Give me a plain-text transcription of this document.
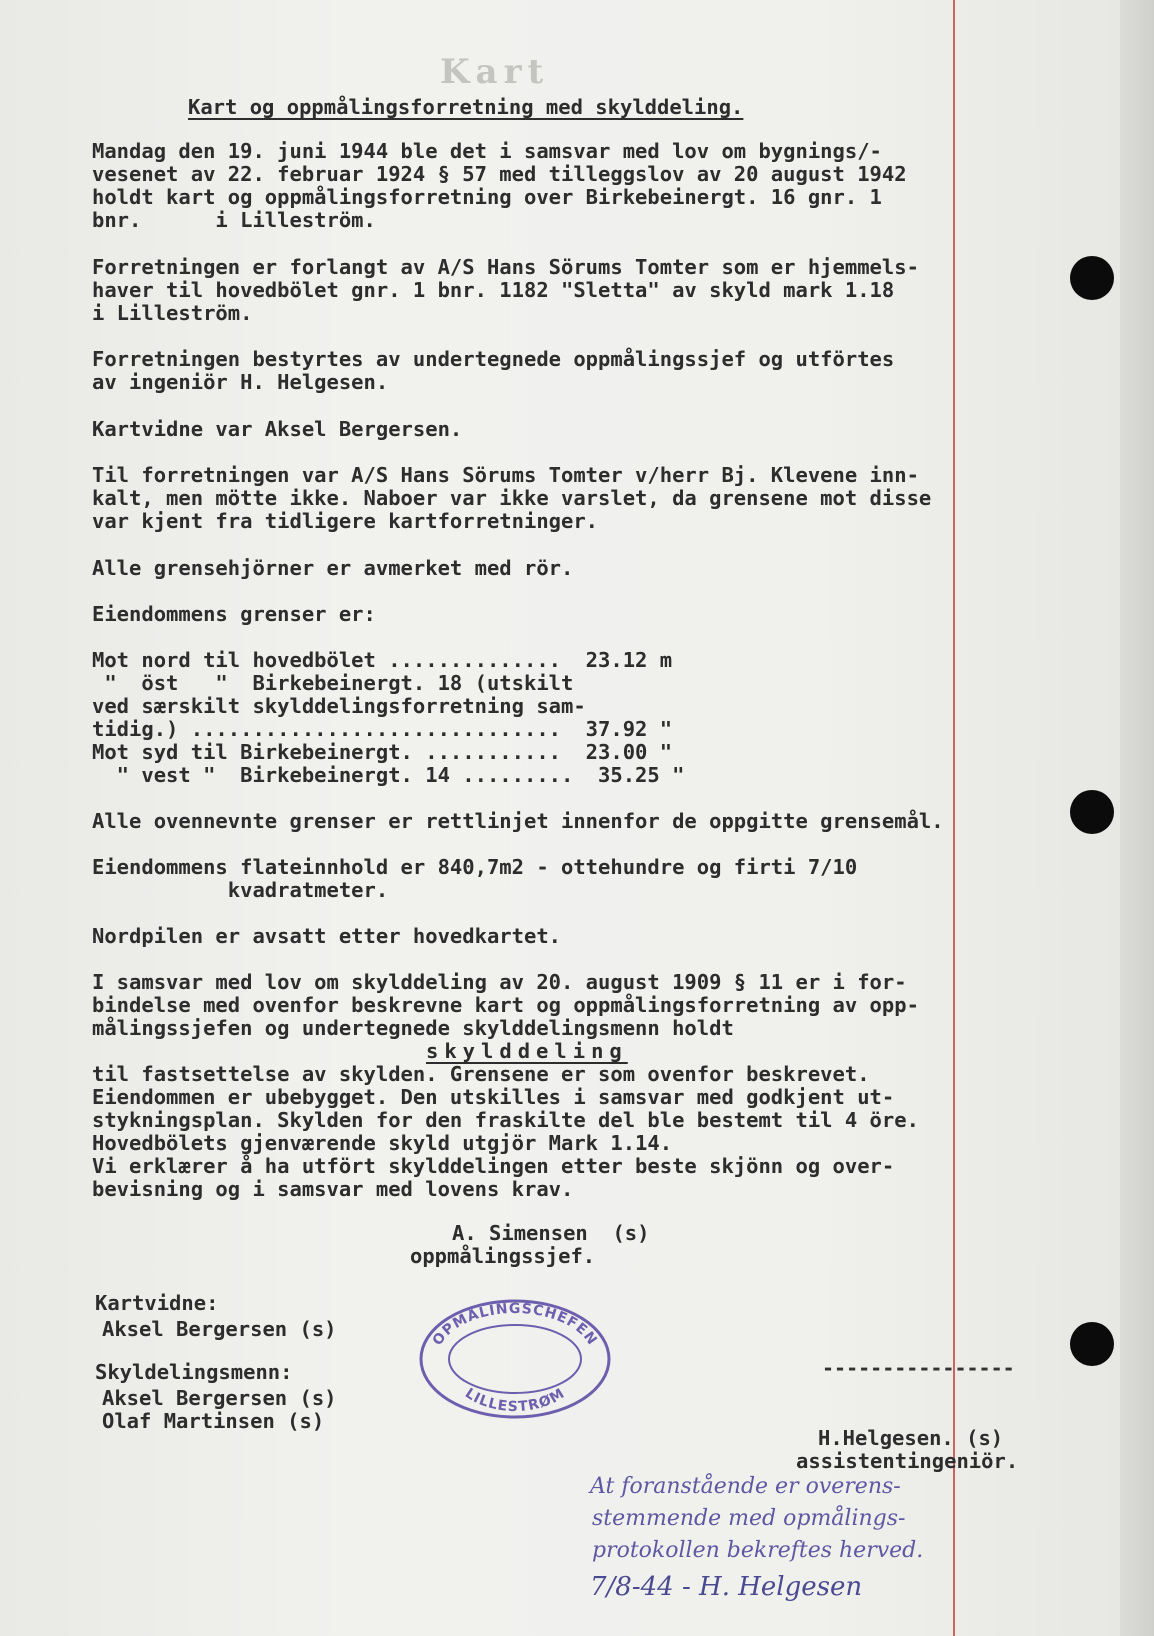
Kart
Kart og oppmålingsforretning med skylddeling.
Mandag den 19. juni 1944 ble det i samsvar med lov om bygnings/-
vesenet av 22. februar 1924 § 57 med tilleggslov av 20 august 1942
holdt kart og oppmålingsforretning over Birkebeinergt. 16 gnr. 1
bnr.      i Lilleström.
Forretningen er forlangt av A/S Hans Sörums Tomter som er hjemmels-
haver til hovedbölet gnr. 1 bnr. 1182 "Sletta" av skyld mark 1.18
i Lilleström.
Forretningen bestyrtes av undertegnede oppmålingssjef og utförtes
av ingeniör H. Helgesen.
Kartvidne var Aksel Bergersen.
Til forretningen var A/S Hans Sörums Tomter v/herr Bj. Klevene inn-
kalt, men mötte ikke. Naboer var ikke varslet, da grensene mot disse
var kjent fra tidligere kartforretninger.
Alle grensehjörner er avmerket med rör.
Eiendommens grenser er:
Mot nord til hovedbölet ..............  23.12 m
"  öst   "  Birkebeinergt. 18 (utskilt
ved særskilt skylddelingsforretning sam-
tidig.) ..............................  37.92 "
Mot syd til Birkebeinergt. ...........  23.00 "
" vest "  Birkebeinergt. 14 .........  35.25 "
Alle ovennevnte grenser er rettlinjet innenfor de oppgitte grensemål.
Eiendommens flateinnhold er 840,7m2 - ottehundre og firti 7/10
kvadratmeter.
Nordpilen er avsatt etter hovedkartet.
I samsvar med lov om skylddeling av 20. august 1909 § 11 er i for-
bindelse med ovenfor beskrevne kart og oppmålingsforretning av opp-
målingssjefen og undertegnede skylddelingsmenn holdt
skylddeling
til fastsettelse av skylden. Grensene er som ovenfor beskrevet.
Eiendommen er ubebygget. Den utskilles i samsvar med godkjent ut-
stykningsplan. Skylden for den fraskilte del ble bestemt til 4 öre.
Hovedbölets gjenværende skyld utgjör Mark 1.14.
Vi erklærer å ha utfört skylddelingen etter beste skjönn og over-
bevisning og i samsvar med lovens krav.
A. Simensen  (s)
oppmålingssjef.
Kartvidne:
Aksel Bergersen (s)
Skyldelingsmenn:
Aksel Bergersen (s)
Olaf Martinsen (s)
OPMÅLINGSCHEFEN
LILLESTRØM
----------------
H.Helgesen. (s)
assistentingeniör.
At foranstående er overens-
stemmende med opmålings-
protokollen bekreftes herved.
7/8-44 - H. Helgesen
